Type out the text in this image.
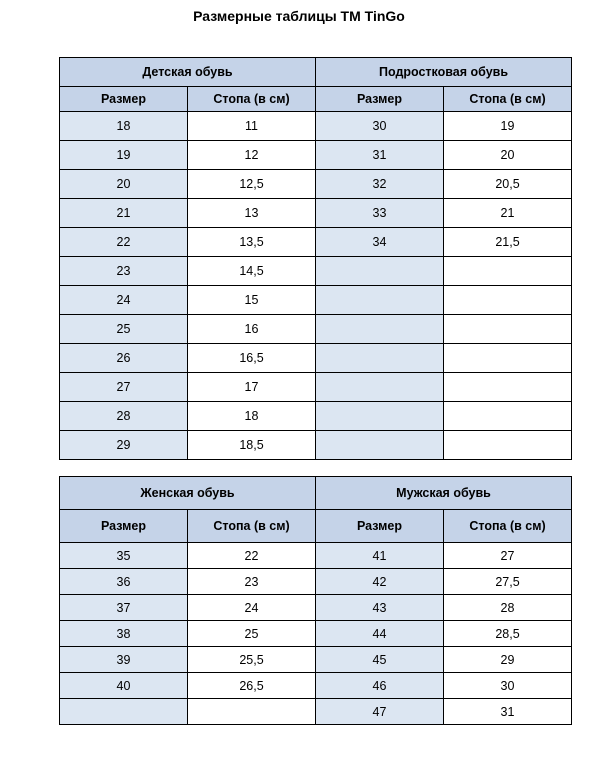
Размерные таблицы ТМ TinGo
Детская обувь		Подростковая обувь	
Размер	Стопа (в см)	Размер	Стопа (в см)
18	11	30	19
19	12	31	20
20	12,5	32	20,5
21	13	33	21
22	13,5	34	21,5
23	14,5		
24	15		
25	16		
26	16,5		
27	17		
28	18		
29	18,5		
Женская обувь		Мужская обувь	
Размер	Стопа (в см)	Размер	Стопа (в см)
35	22	41	27
36	23	42	27,5
37	24	43	28
38	25	44	28,5
39	25,5	45	29
40	26,5	46	30
		47	31
